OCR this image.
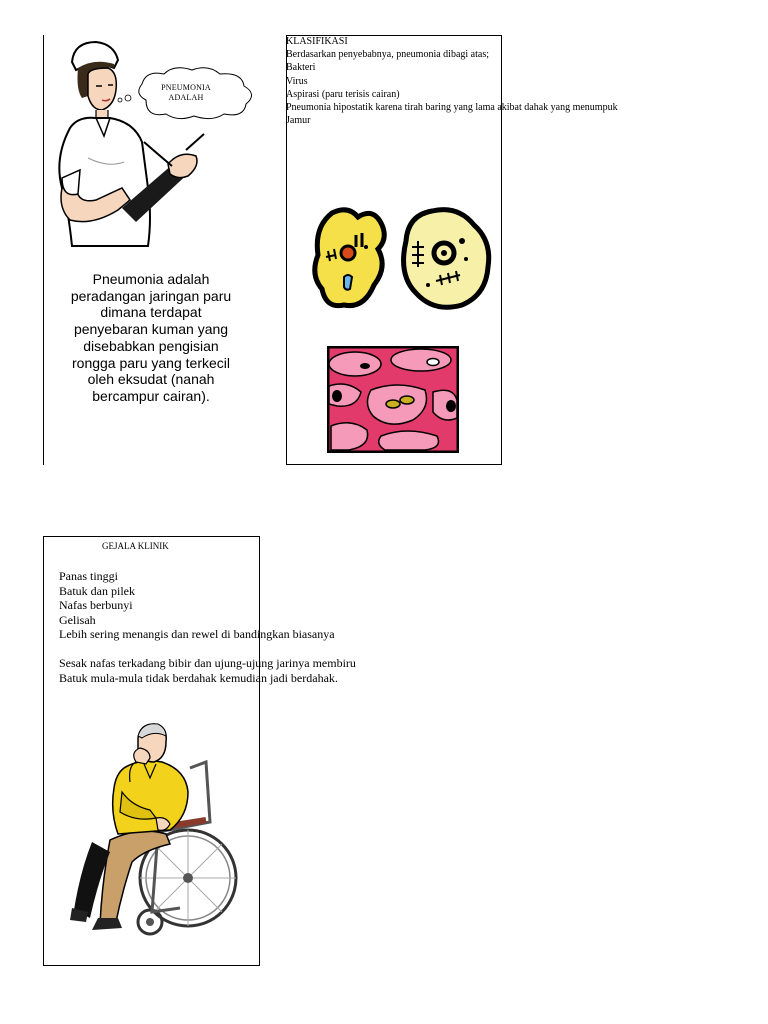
PNEUMONIA
ADALAH
Pneumonia adalah
peradangan jaringan paru
dimana terdapat
penyebaran kuman yang
disebabkan pengisian
rongga paru yang terkecil
oleh eksudat (nanah
bercampur cairan).
KLASIFIKASI
Berdasarkan penyebabnya, pneumonia dibagi atas;
Bakteri
Virus
Aspirasi (paru terisis cairan)
Pneumonia hipostatik karena tirah baring yang lama akibat dahak yang menumpuk
Jamur
GEJALA KLINIK
Panas tinggi
Batuk dan pilek
Nafas berbunyi
Gelisah
Lebih sering menangis dan rewel di bandingkan biasanya
Sesak nafas terkadang bibir dan ujung-ujung jarinya membiru
Batuk mula-mula tidak berdahak kemudian jadi berdahak.
